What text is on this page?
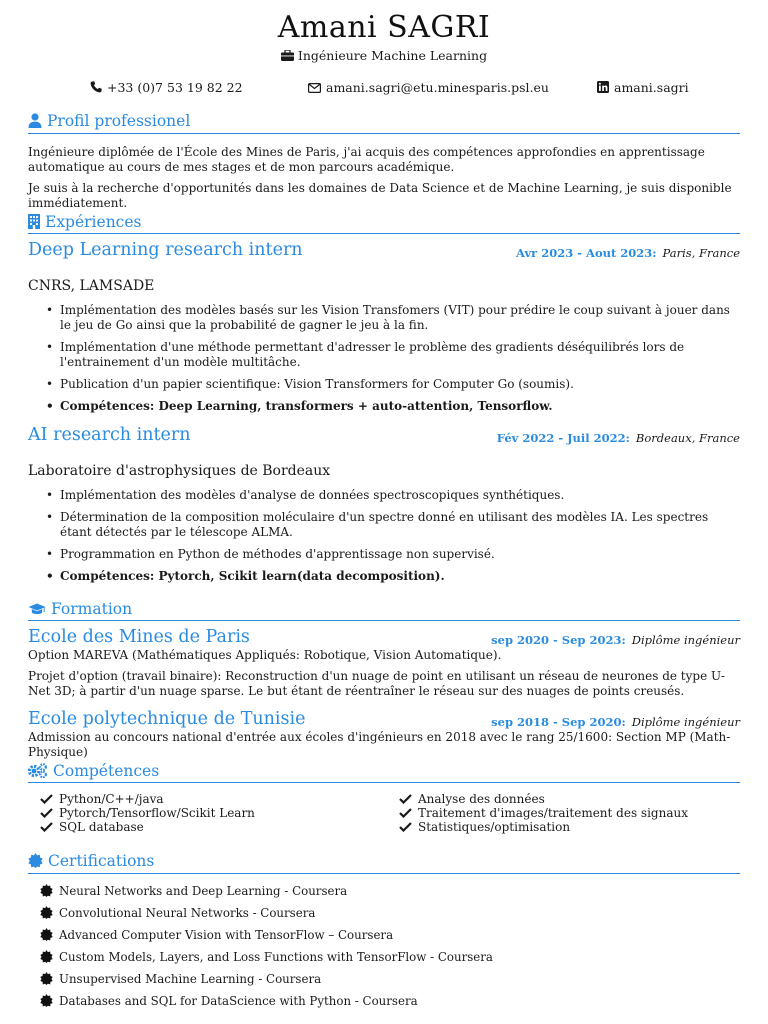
Amani SAGRI
Ingénieure Machine Learning
+33 (0)7 53 19 82 22	amani.sagri@etu.minesparis.psl.eu	amani.sagri
Profil professionel

Ingénieure diplômée de l'École des Mines de Paris, j'ai acquis des compétences approfondies en apprentissage automatique au cours de mes stages et de mon parcours académique.

Je suis à la recherche d'opportunités dans les domaines de Data Science et de Machine Learning, je suis disponible immédiatement.

Expériences
Deep Learning research intern	Avr 2023 - Aout 2023: Paris, France
CNRS, LAMSADE
• Implémentation des modèles basés sur les Vision Transfomers (VIT) pour prédire le coup suivant à jouer dans le jeu de Go ainsi que la probabilité de gagner le jeu à la fin.
• Implémentation d'une méthode permettant d'adresser le problème des gradients déséquilibrés lors de l'entrainement d'un modèle multitâche.
• Publication d'un papier scientifique: Vision Transformers for Computer Go (soumis).
• Compétences: Deep Learning, transformers + auto-attention, Tensorflow.
AI research intern	Fév 2022 - Juil 2022: Bordeaux, France
Laboratoire d'astrophysiques de Bordeaux
• Implémentation des modèles d'analyse de données spectroscopiques synthétiques.
• Détermination de la composition moléculaire d'un spectre donné en utilisant des modèles IA. Les spectres étant détectés par le télescope ALMA.
• Programmation en Python de méthodes d'apprentissage non supervisé.
• Compétences: Pytorch, Scikit learn(data decomposition).
Formation
Ecole des Mines de Paris	sep 2020 - Sep 2023: Diplôme ingénieur

Option MAREVA (Mathématiques Appliqués: Robotique, Vision Automatique).

Projet d'option (travail binaire): Reconstruction d'un nuage de point en utilisant un réseau de neurones de type U-Net 3D; à partir d'un nuage sparse. Le but étant de réentraîner le réseau sur des nuages de points creusés.

Ecole polytechnique de Tunisie	sep 2018 - Sep 2020: Diplôme ingénieur

Admission au concours national d'entrée aux écoles d'ingénieurs en 2018 avec le rang 25/1600: Section MP (Math-Physique)

Compétences
Python/C++/java
Pytorch/Tensorflow/Scikit Learn
SQL database
Analyse des données
Traitement d'images/traitement des signaux
Statistiques/optimisation
Certifications
Neural Networks and Deep Learning - Coursera
Convolutional Neural Networks - Coursera
Advanced Computer Vision with TensorFlow – Coursera
Custom Models, Layers, and Loss Functions with TensorFlow - Coursera
Unsupervised Machine Learning - Coursera
Databases and SQL for DataScience with Python - Coursera
